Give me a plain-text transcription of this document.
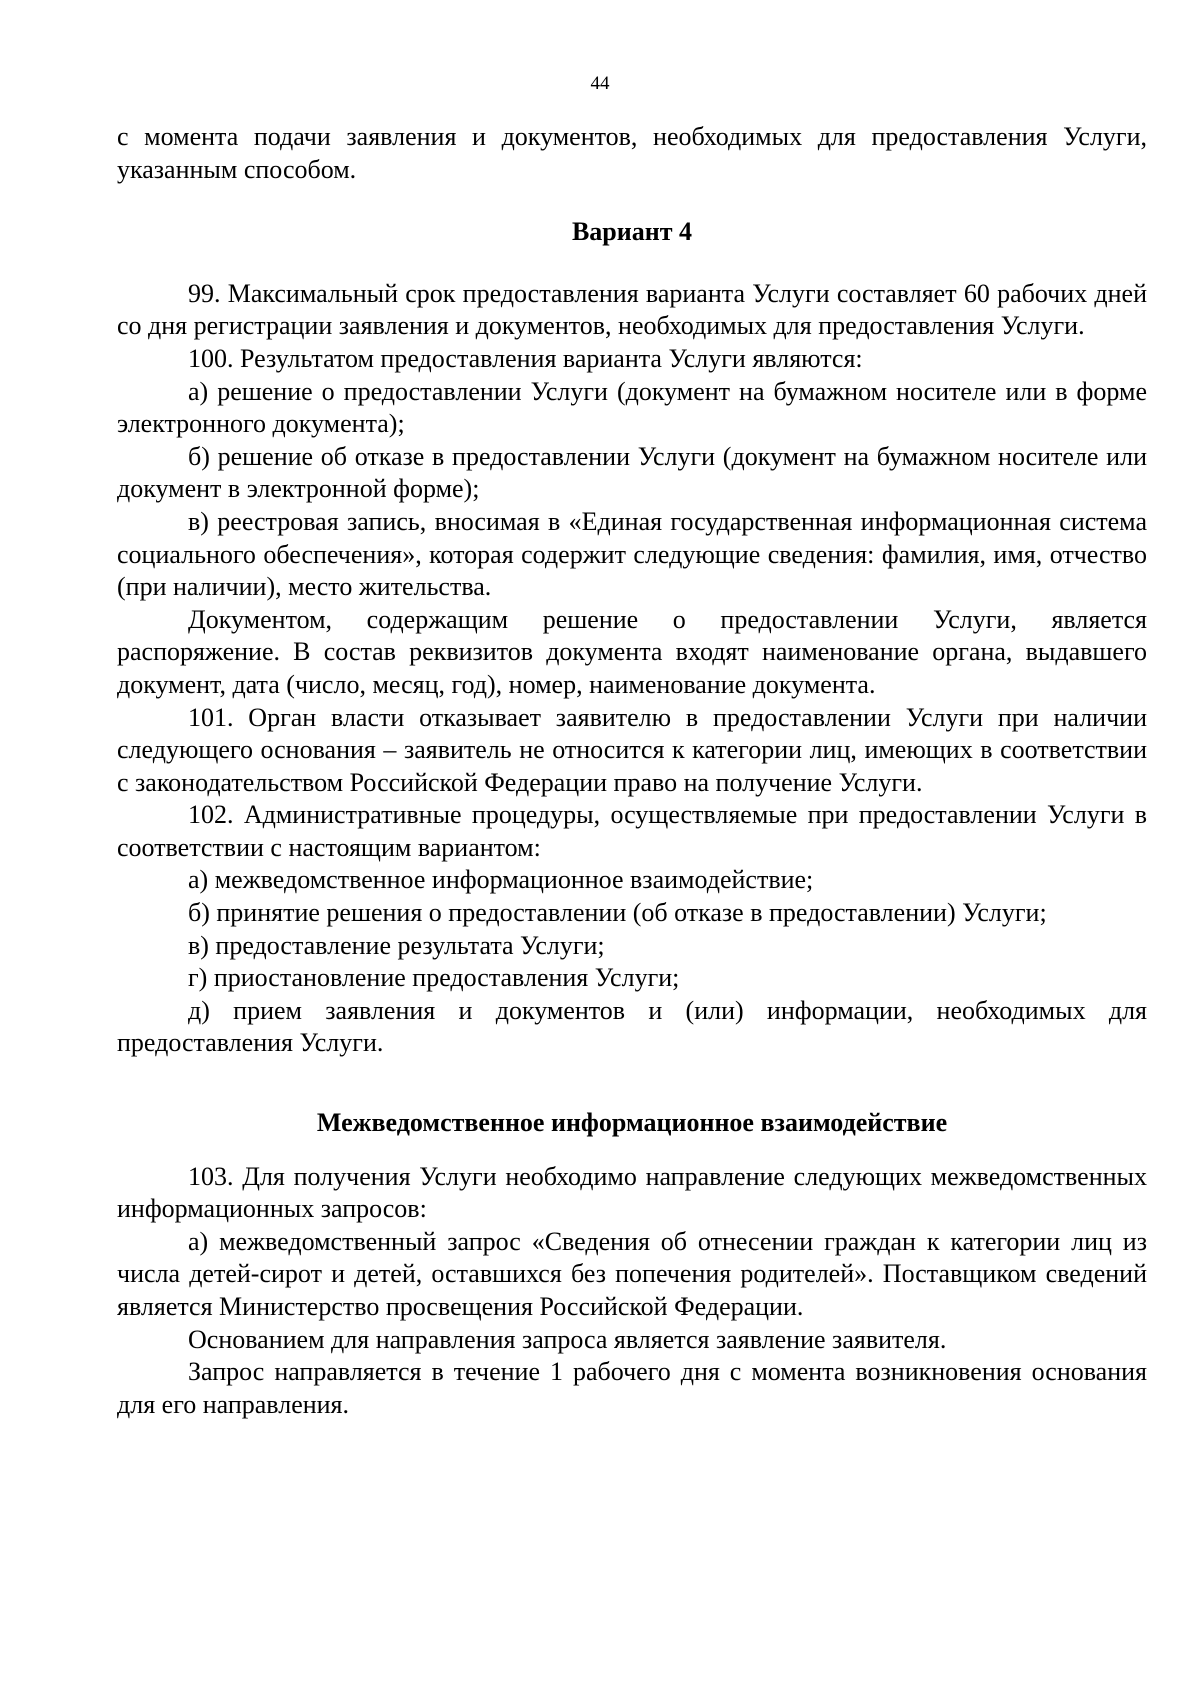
44

с момента подачи заявления и документов, необходимых для предоставления Услуги, указанным способом.

Вариант 4

99. Максимальный срок предоставления варианта Услуги составляет 60 рабочих дней со дня регистрации заявления и документов, необходимых для предоставления Услуги.

100. Результатом предоставления варианта Услуги являются:

а) решение о предоставлении Услуги (документ на бумажном носителе или в форме электронного документа);

б) решение об отказе в предоставлении Услуги (документ на бумажном носителе или документ в электронной форме);

в) реестровая запись, вносимая в «Единая государственная информационная система социального обеспечения», которая содержит следующие сведения: фамилия, имя, отчество (при наличии), место жительства.

Документом, содержащим решение о предоставлении Услуги, является распоряжение. В состав реквизитов документа входят наименование органа, выдавшего документ, дата (число, месяц, год), номер, наименование документа.

101. Орган власти отказывает заявителю в предоставлении Услуги при наличии следующего основания – заявитель не относится к категории лиц, имеющих в соответствии с законодательством Российской Федерации право на получение Услуги.

102. Административные процедуры, осуществляемые при предоставлении Услуги в соответствии с настоящим вариантом:

а) межведомственное информационное взаимодействие;

б) принятие решения о предоставлении (об отказе в предоставлении) Услуги;

в) предоставление результата Услуги;

г) приостановление предоставления Услуги;

д) прием заявления и документов и (или) информации, необходимых для предоставления Услуги.

Межведомственное информационное взаимодействие

103. Для получения Услуги необходимо направление следующих межведомственных информационных запросов:

а) межведомственный запрос «Сведения об отнесении граждан к категории лиц из числа детей-сирот и детей, оставшихся без попечения родителей». Поставщиком сведений является Министерство просвещения Российской Федерации.

Основанием для направления запроса является заявление заявителя.

Запрос направляется в течение 1 рабочего дня с момента возникновения основания для его направления.
